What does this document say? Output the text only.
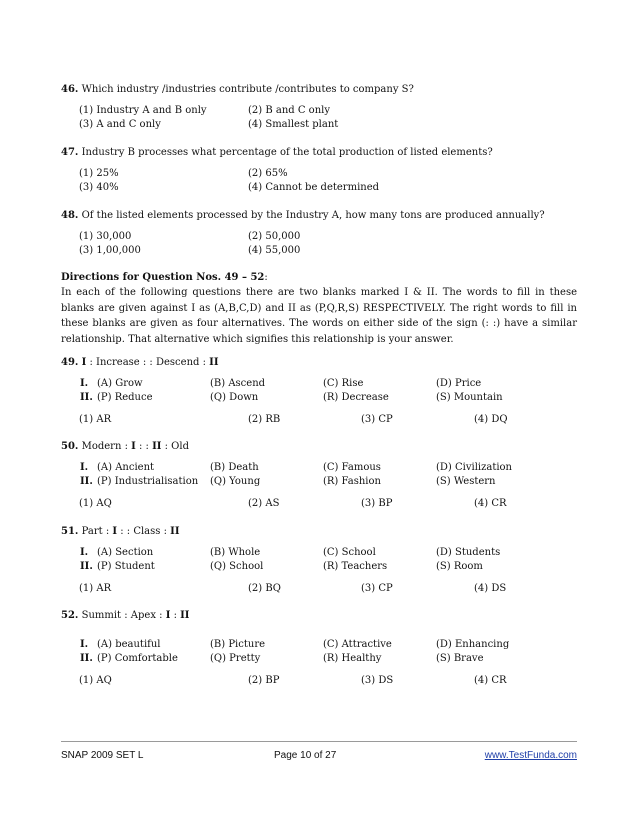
46. Which industry /industries contribute /contributes to company S?
(1) Industry A and B only	(2) B and C only
(3) A and C only	(4) Smallest plant
47. Industry B processes what percentage of the total production of listed elements?
(1) 25%	(2) 65%
(3) 40%	(4) Cannot be determined
48. Of the listed elements processed by the Industry A, how many tons are produced annually?
(1) 30,000	(2) 50,000
(3) 1,00,000	(4) 55,000
Directions for Question Nos. 49 – 52:
In each of the following questions there are two blanks marked I & II. The words to fill in these blanks are given against I as (A,B,C,D) and II as (P,Q,R,S) RESPECTIVELY. The right words to fill in these blanks are given as four alternatives. The words on either side of the sign (: :) have a similar relationship. That alternative which signifies this relationship is your answer.
49. I : Increase : : Descend : II
I. (A) Grow	(B) Ascend	(C) Rise	(D) Price
II. (P) Reduce	(Q) Down	(R) Decrease	(S) Mountain
(1) AR	(2) RB	(3) CP	(4) DQ
50. Modern : I : : II : Old
I. (A) Ancient	(B) Death	(C) Famous	(D) Civilization
II. (P) Industrialisation (Q) Young	(R) Fashion	(S) Western
(1) AQ	(2) AS	(3) BP	(4) CR
51. Part : I : : Class : II
I. (A) Section	(B) Whole	(C) School	(D) Students
II. (P) Student	(Q) School	(R) Teachers	(S) Room
(1) AR	(2) BQ	(3) CP	(4) DS
52. Summit : Apex : I : II
I. (A) beautiful	(B) Picture	(C) Attractive	(D) Enhancing
II. (P) Comfortable	(Q) Pretty	(R) Healthy	(S) Brave
(1) AQ	(2) BP	(3) DS	(4) CR
SNAP 2009 SET L	Page 10 of 27	www.TestFunda.com
